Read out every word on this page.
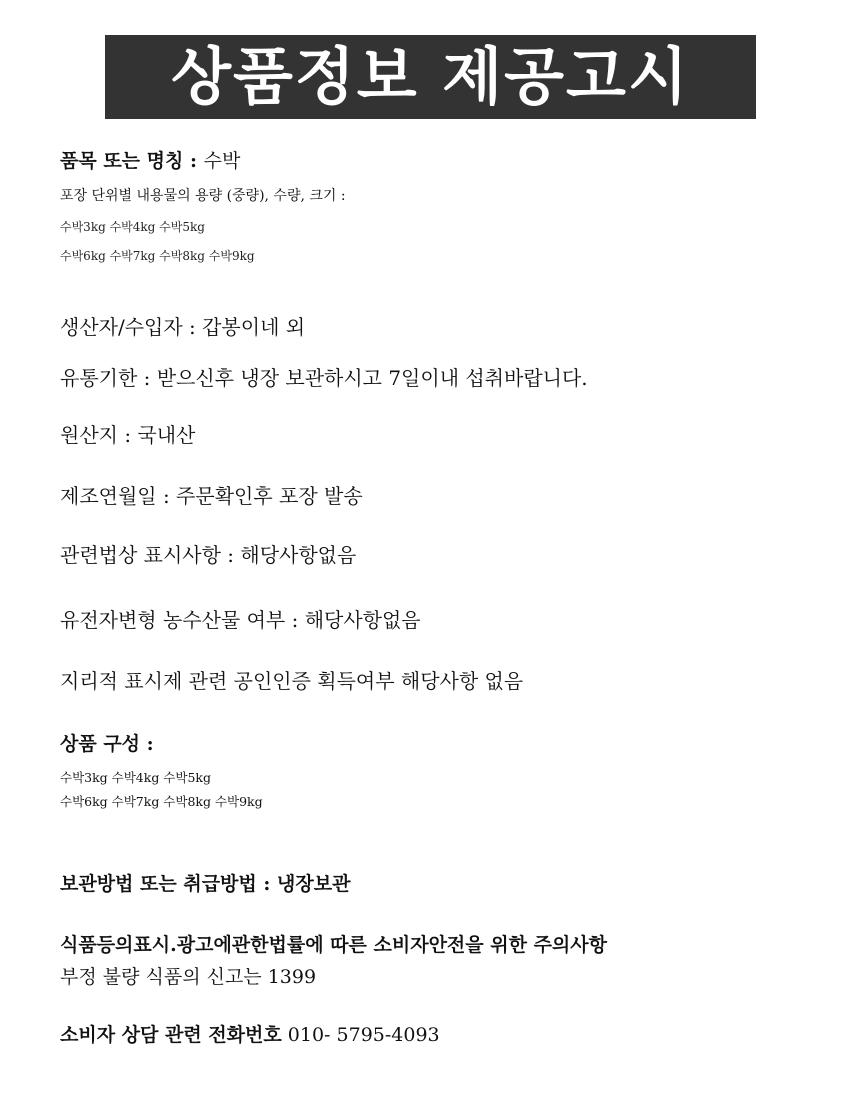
상품정보 제공고시
품목 또는 명칭 : 수박
포장 단위별 내용물의 용량 (중량), 수량, 크기 :
수박3kg 수박4kg 수박5kg
수박6kg 수박7kg 수박8kg 수박9kg
생산자/수입자 : 갑봉이네 외
유통기한 : 받으신후 냉장 보관하시고 7일이내 섭취바랍니다.
원산지 : 국내산
제조연월일 : 주문확인후 포장 발송
관련법상 표시사항 : 해당사항없음
유전자변형 농수산물 여부 : 해당사항없음
지리적 표시제 관련 공인인증 획득여부 해당사항 없음
상품 구성 :
수박3kg 수박4kg 수박5kg
수박6kg 수박7kg 수박8kg 수박9kg
보관방법 또는 취급방법 : 냉장보관
식품등의표시.광고에관한법률에 따른 소비자안전을 위한 주의사항
부정 불량 식품의 신고는 1399
소비자 상담 관련 전화번호 010- 5795-4093
